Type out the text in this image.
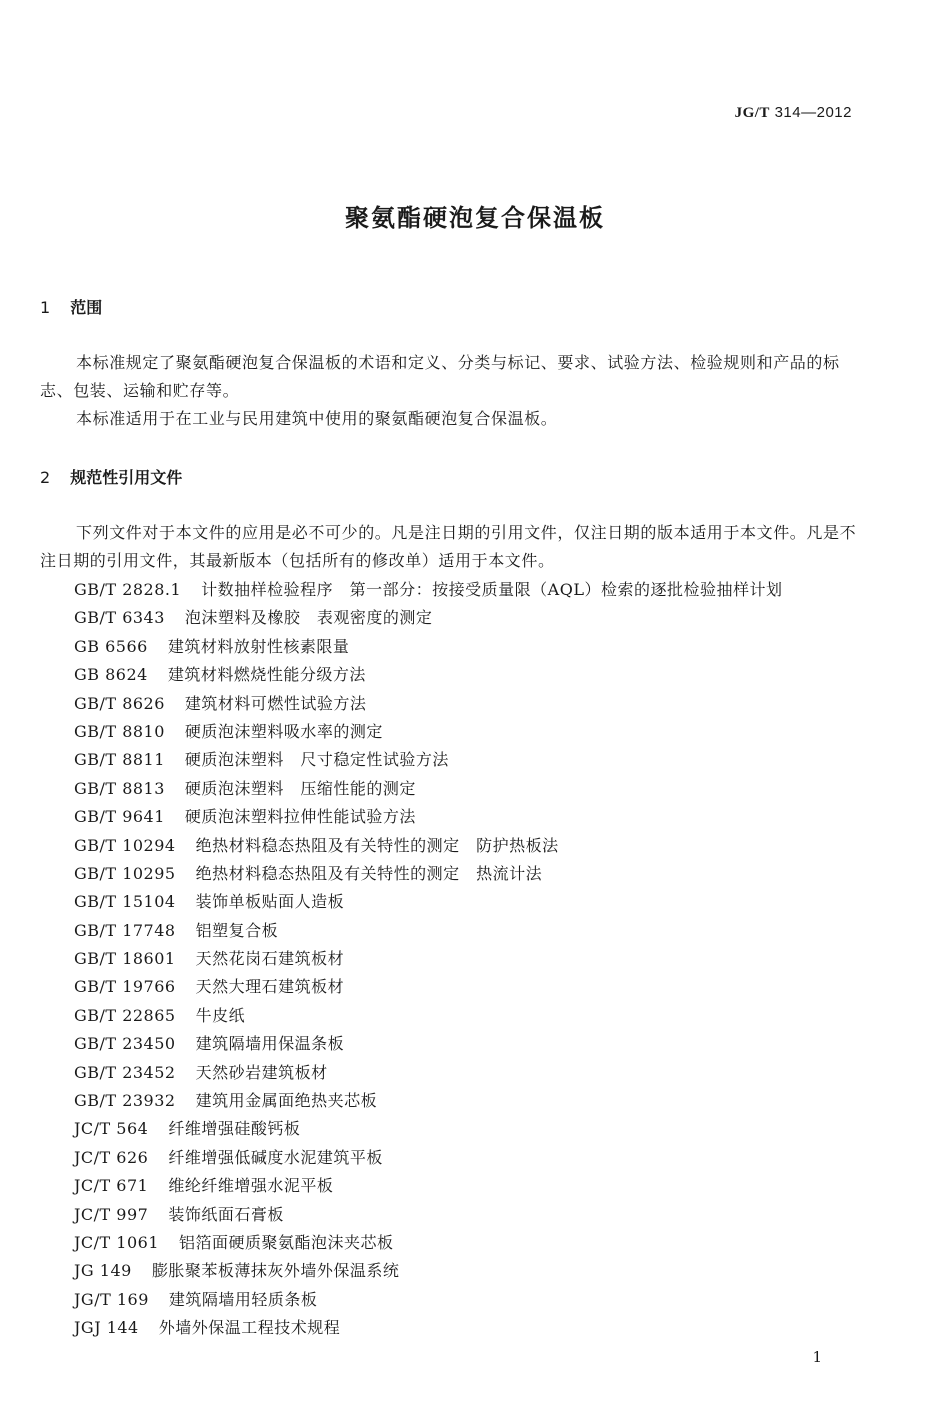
JG/T 314—2012
聚氨酯硬泡复合保温板
1 范围

本标准规定了聚氨酯硬泡复合保温板的术语和定义、分类与标记、要求、试验方法、检验规则和产品的标志、包装、运输和贮存等。

本标准适用于在工业与民用建筑中使用的聚氨酯硬泡复合保温板。

2 规范性引用文件

下列文件对于本文件的应用是必不可少的。凡是注日期的引用文件，仅注日期的版本适用于本文件。凡是不注日期的引用文件，其最新版本（包括所有的修改单）适用于本文件。

GB/T 2828.1 计数抽样检验程序　第一部分：按接受质量限（AQL）检索的逐批检验抽样计划
GB/T 6343 泡沫塑料及橡胶　表观密度的测定
GB 6566 建筑材料放射性核素限量
GB 8624 建筑材料燃烧性能分级方法
GB/T 8626 建筑材料可燃性试验方法
GB/T 8810 硬质泡沫塑料吸水率的测定
GB/T 8811 硬质泡沫塑料　尺寸稳定性试验方法
GB/T 8813 硬质泡沫塑料　压缩性能的测定
GB/T 9641 硬质泡沫塑料拉伸性能试验方法
GB/T 10294 绝热材料稳态热阻及有关特性的测定　防护热板法
GB/T 10295 绝热材料稳态热阻及有关特性的测定　热流计法
GB/T 15104 装饰单板贴面人造板
GB/T 17748 铝塑复合板
GB/T 18601 天然花岗石建筑板材
GB/T 19766 天然大理石建筑板材
GB/T 22865 牛皮纸
GB/T 23450 建筑隔墙用保温条板
GB/T 23452 天然砂岩建筑板材
GB/T 23932 建筑用金属面绝热夹芯板
JC/T 564 纤维增强硅酸钙板
JC/T 626 纤维增强低碱度水泥建筑平板
JC/T 671 维纶纤维增强水泥平板
JC/T 997 装饰纸面石膏板
JC/T 1061 铝箔面硬质聚氨酯泡沫夹芯板
JG 149 膨胀聚苯板薄抹灰外墙外保温系统
JG/T 169 建筑隔墙用轻质条板
JGJ 144 外墙外保温工程技术规程
1
